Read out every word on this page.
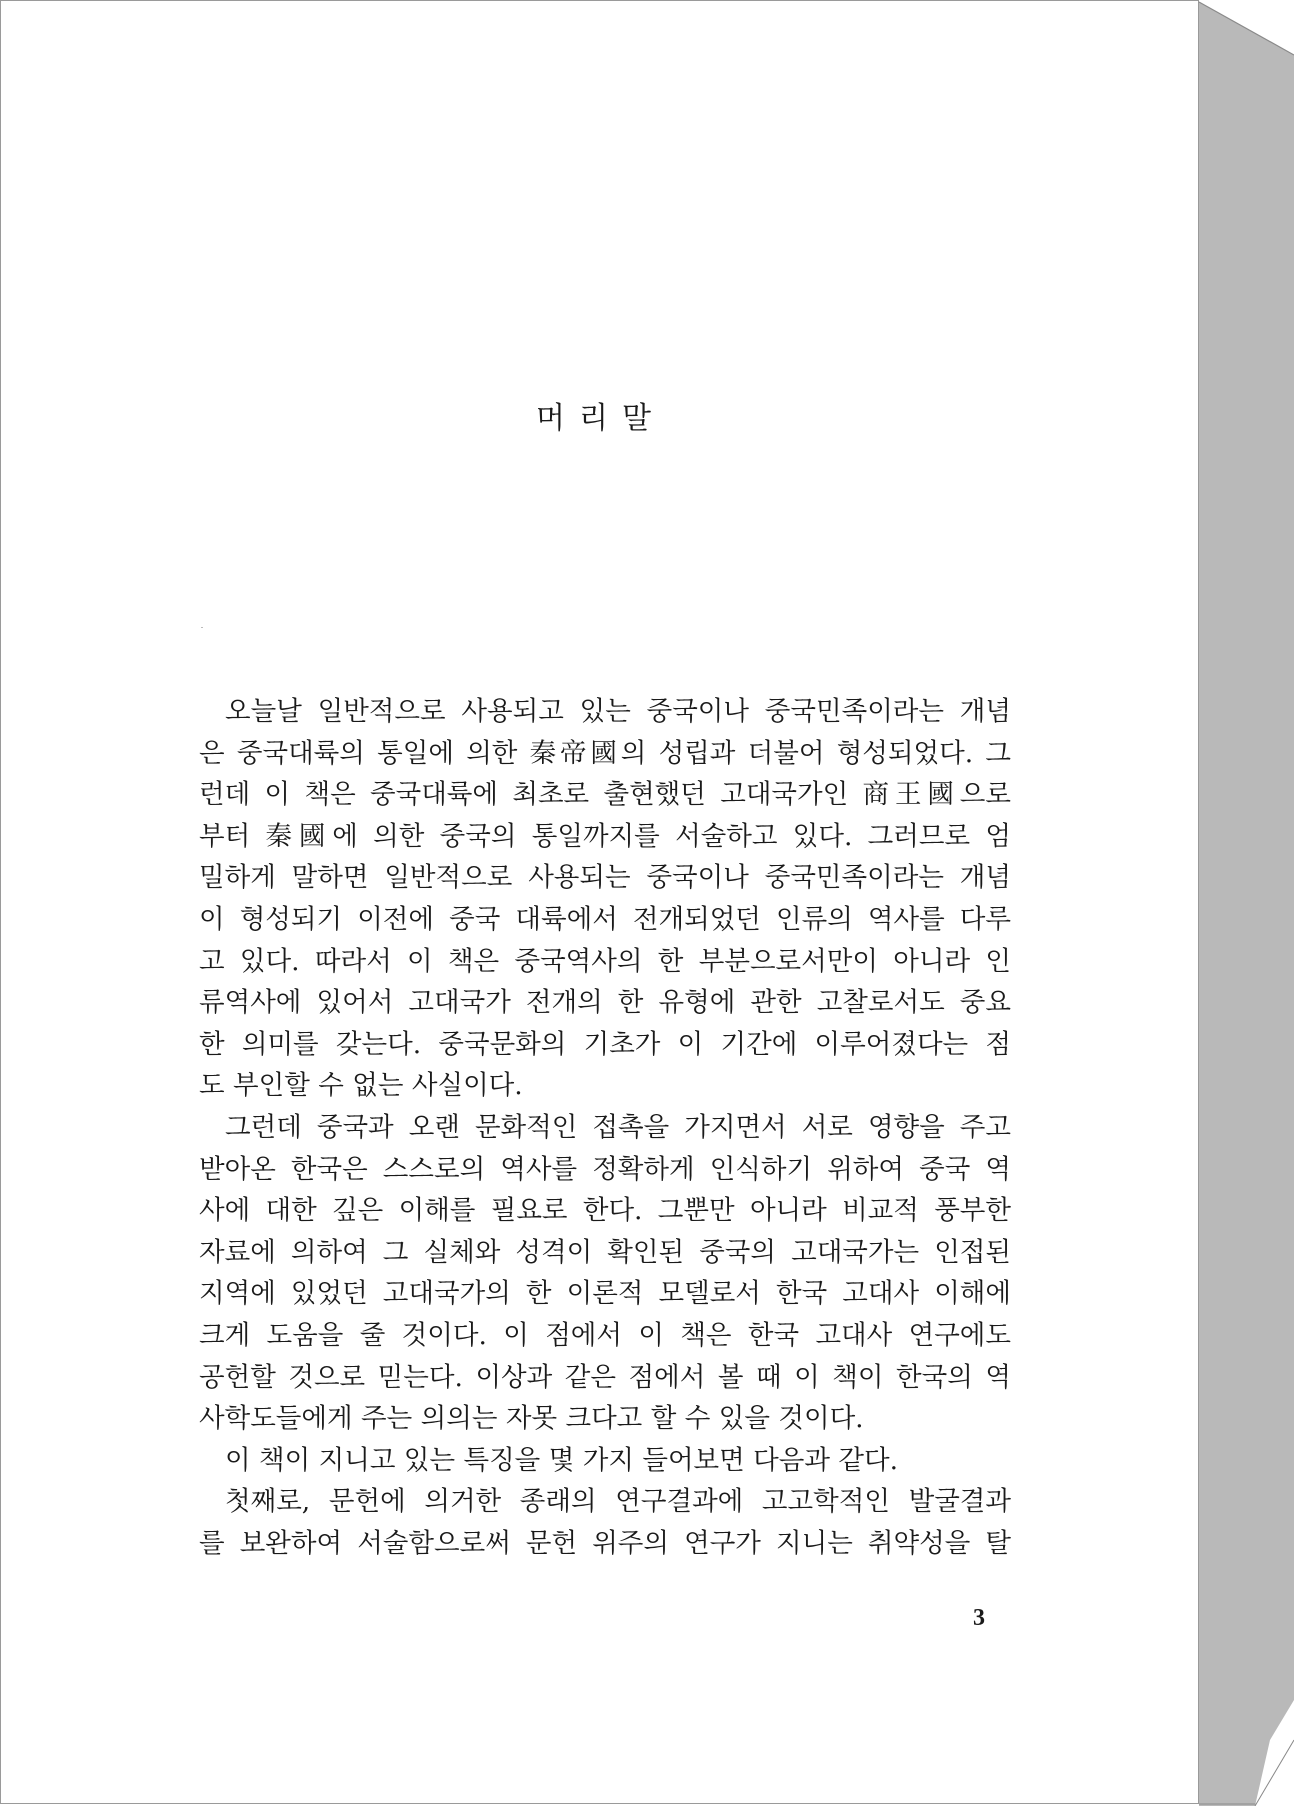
머리말
오늘날 일반적으로 사용되고 있는 중국이나 중국민족이라는 개념
은 중국대륙의 통일에 의한 秦帝國의 성립과 더불어 형성되었다. 그
런데 이 책은 중국대륙에 최초로 출현했던 고대국가인 商王國으로
부터 秦國에 의한 중국의 통일까지를 서술하고 있다. 그러므로 엄
밀하게 말하면 일반적으로 사용되는 중국이나 중국민족이라는 개념
이 형성되기 이전에 중국 대륙에서 전개되었던 인류의 역사를 다루
고 있다. 따라서 이 책은 중국역사의 한 부분으로서만이 아니라 인
류역사에 있어서 고대국가 전개의 한 유형에 관한 고찰로서도 중요
한 의미를 갖는다. 중국문화의 기초가 이 기간에 이루어졌다는 점
도 부인할 수 없는 사실이다.
그런데 중국과 오랜 문화적인 접촉을 가지면서 서로 영향을 주고
받아온 한국은 스스로의 역사를 정확하게 인식하기 위하여 중국 역
사에 대한 깊은 이해를 필요로 한다. 그뿐만 아니라 비교적 풍부한
자료에 의하여 그 실체와 성격이 확인된 중국의 고대국가는 인접된
지역에 있었던 고대국가의 한 이론적 모델로서 한국 고대사 이해에
크게 도움을 줄 것이다. 이 점에서 이 책은 한국 고대사 연구에도
공헌할 것으로 믿는다. 이상과 같은 점에서 볼 때 이 책이 한국의 역
사학도들에게 주는 의의는 자못 크다고 할 수 있을 것이다.
이 책이 지니고 있는 특징을 몇 가지 들어보면 다음과 같다.
첫째로, 문헌에 의거한 종래의 연구결과에 고고학적인 발굴결과
를 보완하여 서술함으로써 문헌 위주의 연구가 지니는 취약성을 탈
3
